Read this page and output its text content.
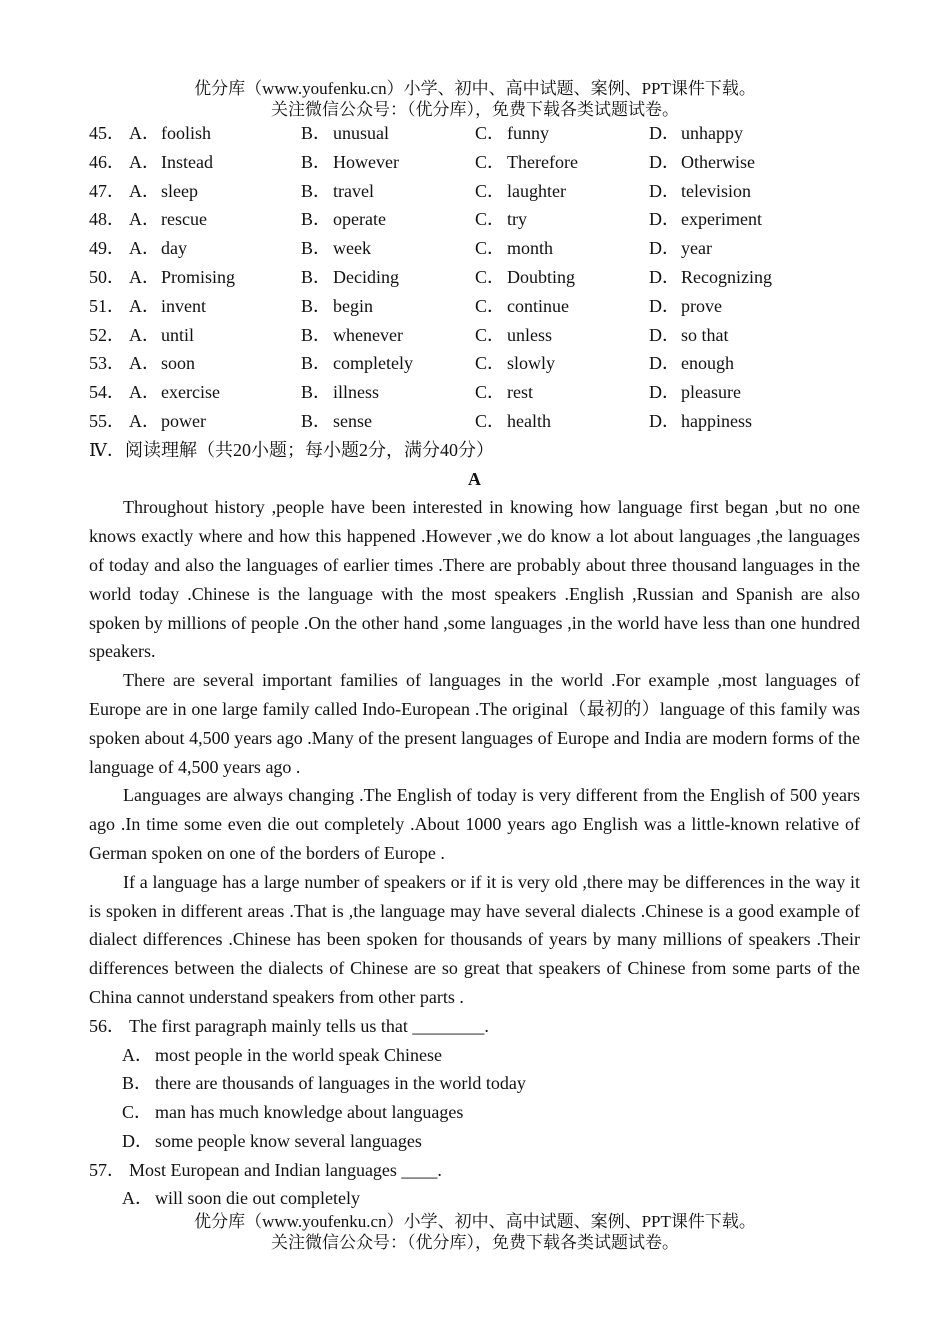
优分库（www.youfenku.cn）小学、初中、高中试题、案例、PPT课件下载。
关注微信公众号：（优分库），免费下载各类试题试卷。
45． A． foolish	B． unusual	C． funny	D． unhappy
46． A． Instead	B． However	C． Therefore	D． Otherwise
47． A． sleep	B． travel	C． laughter	D． television
48． A． rescue	B． operate	C． try	D． experiment
49． A． day	B． week	C． month	D． year
50． A． Promising	B． Deciding	C． Doubting	D． Recognizing
51． A． invent	B． begin	C． continue	D． prove
52． A． until	B． whenever	C． unless	D． so that
53． A． soon	B． completely	C． slowly	D． enough
54． A． exercise	B． illness	C． rest	D． pleasure
55． A． power	B． sense	C． health	D． happiness
Ⅳ．阅读理解（共20小题；每小题2分，满分40分）
A

Throughout history ,people have been interested in knowing how language first began ,but no one knows exactly where and how this happened .However ,we do know a lot about languages ,the languages of today and also the languages of earlier times .There are probably about three thousand languages in the world today .Chinese is the language with the most speakers .English ,Russian and Spanish are also spoken by millions of people .On the other hand ,some languages ,in the world have less than one hundred speakers.

There are several important families of languages in the world .For example ,most languages of Europe are in one large family called Indo-European .The original（最初的）language of this family was spoken about 4,500 years ago .Many of the present languages of Europe and India are modern forms of the language of 4,500 years ago .

Languages are always changing .The English of today is very different from the English of 500 years ago .In time some even die out completely .About 1000 years ago English was a little-known relative of German spoken on one of the borders of Europe .

If a language has a large number of speakers or if it is very old ,there may be differences in the way it is spoken in different areas .That is ,the language may have several dialects .Chinese is a good example of dialect differences .Chinese has been spoken for thousands of years by many millions of speakers .Their differences between the dialects of Chinese are so great that speakers of Chinese from some parts of the China cannot understand speakers from other parts .

56． The first paragraph mainly tells us that ________.
A． most people in the world speak Chinese
B． there are thousands of languages in the world today
C． man has much knowledge about languages
D． some people know several languages
57． Most European and Indian languages ____.
A． will soon die out completely
优分库（www.youfenku.cn）小学、初中、高中试题、案例、PPT课件下载。
关注微信公众号：（优分库），免费下载各类试题试卷。
